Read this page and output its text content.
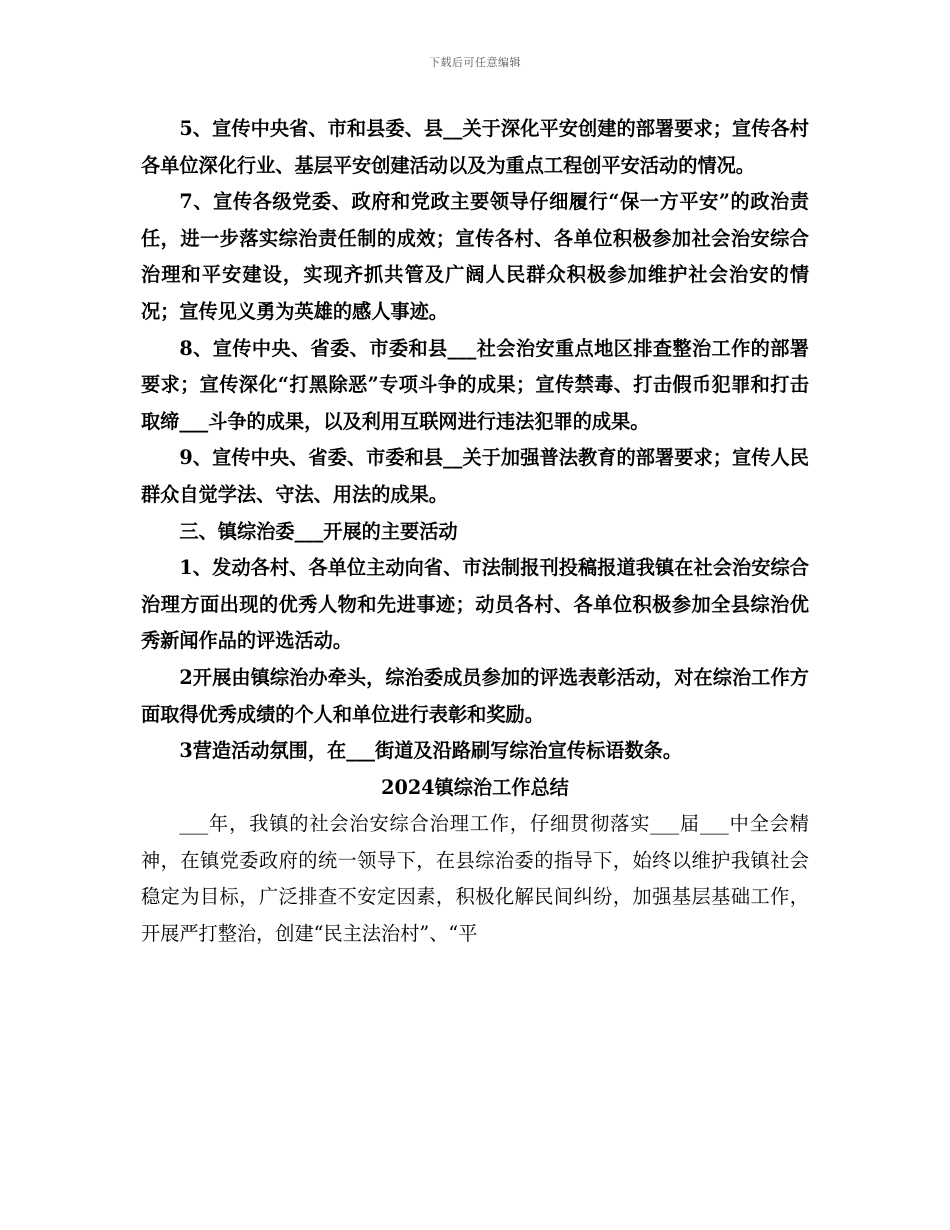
下载后可任意编辑

5、宣传中央省、市和县委、县__关于深化平安创建的部署要求；宣传各村各单位深化行业、基层平安创建活动以及为重点工程创平安活动的情况。

7、宣传各级党委、政府和党政主要领导仔细履行“保一方平安”的政治责任，进一步落实综治责任制的成效；宣传各村、各单位积极参加社会治安综合治理和平安建设，实现齐抓共管及广阔人民群众积极参加维护社会治安的情况；宣传见义勇为英雄的感人事迹。

8、宣传中央、省委、市委和县___社会治安重点地区排查整治工作的部署要求；宣传深化“打黑除恶”专项斗争的成果；宣传禁毒、打击假币犯罪和打击取缔___斗争的成果，以及利用互联网进行违法犯罪的成果。

9、宣传中央、省委、市委和县__关于加强普法教育的部署要求；宣传人民群众自觉学法、守法、用法的成果。

三、镇综治委___开展的主要活动

1、发动各村、各单位主动向省、市法制报刊投稿报道我镇在社会治安综合治理方面出现的优秀人物和先进事迹；动员各村、各单位积极参加全县综治优秀新闻作品的评选活动。

2开展由镇综治办牵头，综治委成员参加的评选表彰活动，对在综治工作方面取得优秀成绩的个人和单位进行表彰和奖励。

3营造活动氛围，在___街道及沿路刷写综治宣传标语数条。

2024镇综治工作总结

___年，我镇的社会治安综合治理工作，仔细贯彻落实___届___中全会精神，在镇党委政府的统一领导下，在县综治委的指导下，始终以维护我镇社会稳定为目标，广泛排查不安定因素，积极化解民间纠纷，加强基层基础工作，开展严打整治，创建“民主法治村”、“平
